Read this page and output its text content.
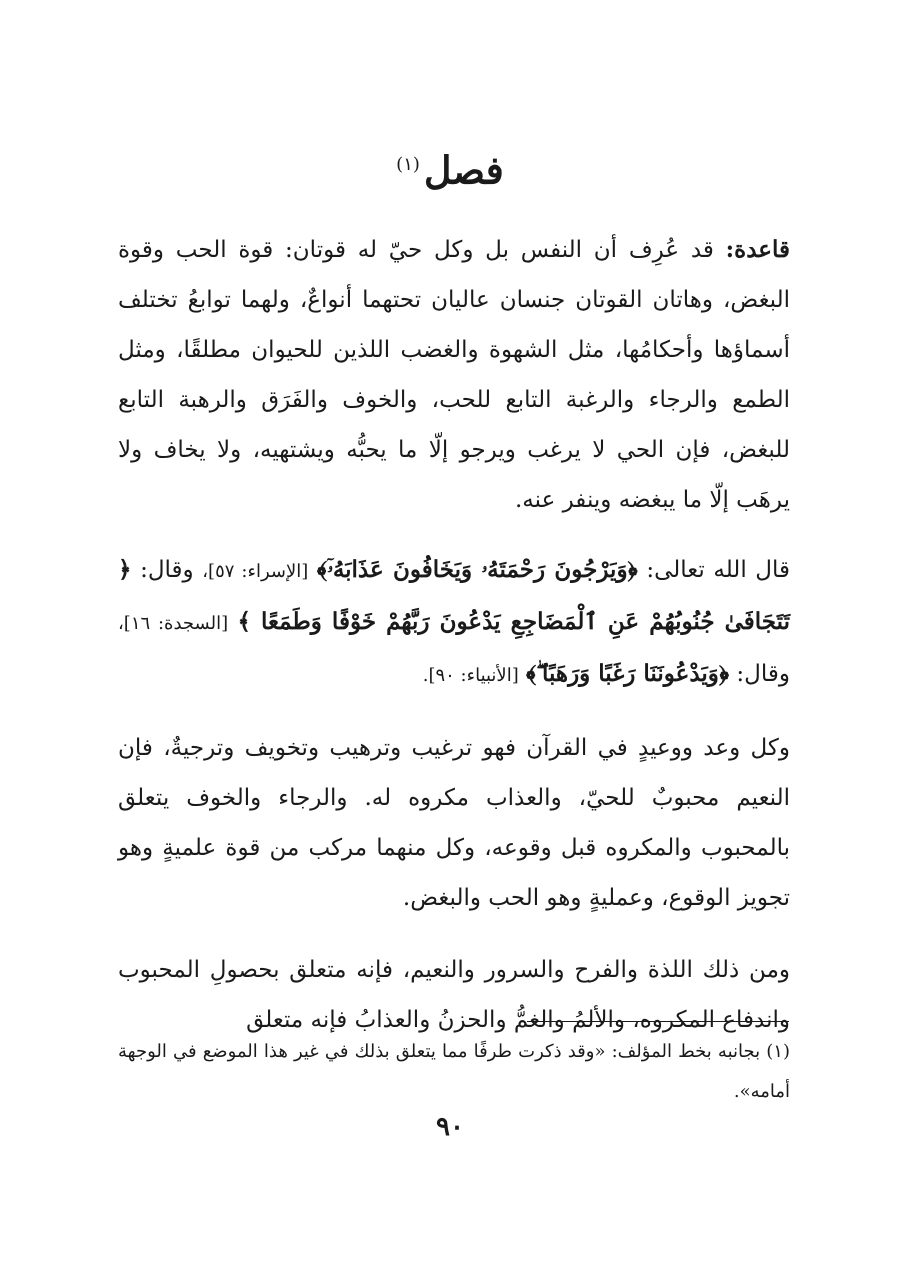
فصل$^{(١)}$

قاعدة: قد عُرِف أن النفس بل وكل حيّ له قوتان: قوة الحب وقوة البغض، وهاتان القوتان جنسان عاليان تحتهما أنواعٌ، ولهما توابعُ تختلف أسماؤها وأحكامُها، مثل الشهوة والغضب اللذين للحيوان مطلقًا، ومثل الطمع والرجاء والرغبة التابع للحب، والخوف والفَرَق والرهبة التابع للبغض، فإن الحي لا يرغب ويرجو إلّا ما يحبُّه ويشتهيه، ولا يخاف ولا يرهَب إلّا ما يبغضه وينفر عنه.

قال الله تعالى: ﴿وَيَرْجُونَ رَحْمَتَهُۥ وَيَخَافُونَ عَذَابَهُۥٓ﴾ [الإسراء: ٥٧]، وقال: ﴿ تَتَجَافَىٰ جُنُوبُهُمْ عَنِ ٱلْمَضَاجِعِ يَدْعُونَ رَبَّهُمْ خَوْفًا وَطَمَعًا ﴾ [السجدة: ١٦]، وقال: ﴿وَيَدْعُونَنَا رَغَبًا وَرَهَبًا ۖ﴾ [الأنبياء: ٩٠].

وكل وعد ووعيدٍ في القرآن فهو ترغيب وترهيب وتخويف وترجيةٌ، فإن النعيم محبوبٌ للحيّ، والعذاب مكروه له. والرجاء والخوف يتعلق بالمحبوب والمكروه قبل وقوعه، وكل منهما مركب من قوة علميةٍ وهو تجويز الوقوع، وعمليةٍ وهو الحب والبغض.

ومن ذلك اللذة والفرح والسرور والنعيم، فإنه متعلق بحصولِ المحبوب واندفاع المكروه، والألمُ والغمُّ والحزنُ والعذابُ فإنه متعلق

(١) بجانبه بخط المؤلف: «وقد ذكرت طرفًا مما يتعلق بذلك في غير هذا الموضع في الوجهة أمامه».
٩٠
